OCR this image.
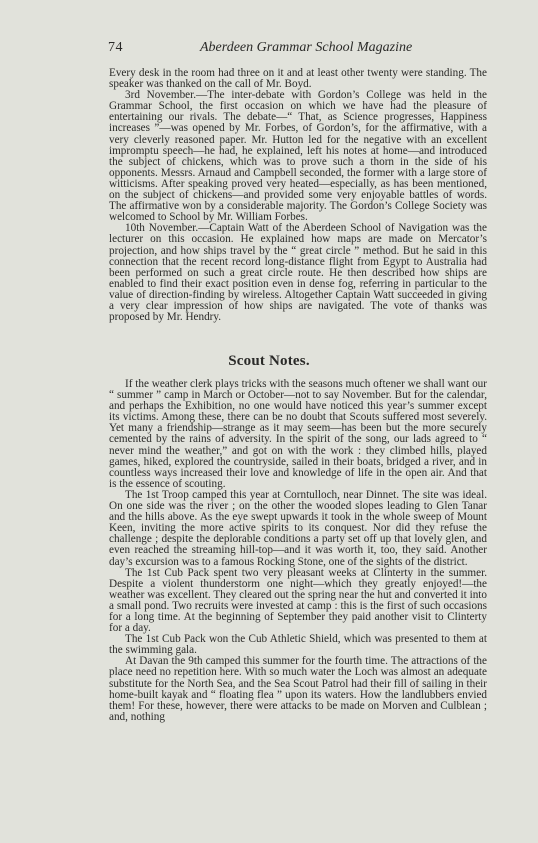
74	Aberdeen Grammar School Magazine

Every desk in the room had three on it and at least other twenty were standing. The speaker was thanked on the call of Mr. Boyd.

3rd November.—The inter-debate with Gordon’s College was held in the Grammar School, the first occasion on which we have had the pleasure of entertaining our rivals. The debate—“ That, as Science progresses, Happiness increases ”—was opened by Mr. Forbes, of Gordon’s, for the affirmative, with a very cleverly reasoned paper. Mr. Hutton led for the negative with an excellent impromptu speech—he had, he explained, left his notes at home—and introduced the subject of chickens, which was to prove such a thorn in the side of his opponents. Messrs. Arnaud and Campbell seconded, the former with a large store of witticisms. After speaking proved very heated—especially, as has been mentioned, on the subject of chickens—and provided some very enjoyable battles of words. The affirmative won by a considerable majority. The Gordon’s College Society was welcomed to School by Mr. William Forbes.

10th November.—Captain Watt of the Aberdeen School of Navigation was the lecturer on this occasion. He explained how maps are made on Mercator’s projection, and how ships travel by the “ great circle ” method. But he said in this connection that the recent record long-distance flight from Egypt to Australia had been performed on such a great circle route. He then described how ships are enabled to find their exact position even in dense fog, referring in particular to the value of direction-finding by wireless. Altogether Captain Watt succeeded in giving a very clear impression of how ships are navigated. The vote of thanks was proposed by Mr. Hendry.

Scout Notes.

If the weather clerk plays tricks with the seasons much oftener we shall want our “ summer ” camp in March or October—not to say November. But for the calendar, and perhaps the Exhibition, no one would have noticed this year’s summer except its victims. Among these, there can be no doubt that Scouts suffered most severely. Yet many a friendship—strange as it may seem—has been but the more securely cemented by the rains of adversity. In the spirit of the song, our lads agreed to “ never mind the weather,” and got on with the work : they climbed hills, played games, hiked, explored the countryside, sailed in their boats, bridged a river, and in countless ways increased their love and knowledge of life in the open air. And that is the essence of scouting.

The 1st Troop camped this year at Corntulloch, near Dinnet. The site was ideal. On one side was the river ; on the other the wooded slopes leading to Glen Tanar and the hills above. As the eye swept upwards it took in the whole sweep of Mount Keen, inviting the more active spirits to its conquest. Nor did they refuse the challenge ; despite the deplorable conditions a party set off up that lovely glen, and even reached the streaming hill-top—and it was worth it, too, they said. Another day’s excursion was to a famous Rocking Stone, one of the sights of the district.

The 1st Cub Pack spent two very pleasant weeks at Clinterty in the summer. Despite a violent thunderstorm one night—which they greatly enjoyed!—the weather was excellent. They cleared out the spring near the hut and converted it into a small pond. Two recruits were invested at camp : this is the first of such occasions for a long time. At the beginning of September they paid another visit to Clinterty for a day.

The 1st Cub Pack won the Cub Athletic Shield, which was presented to them at the swimming gala.

At Davan the 9th camped this summer for the fourth time. The attractions of the place need no repetition here. With so much water the Loch was almost an adequate substitute for the North Sea, and the Sea Scout Patrol had their fill of sailing in their home-built kayak and “ floating flea ” upon its waters. How the landlubbers envied them! For these, however, there were attacks to be made on Morven and Culblean ; and, nothing
